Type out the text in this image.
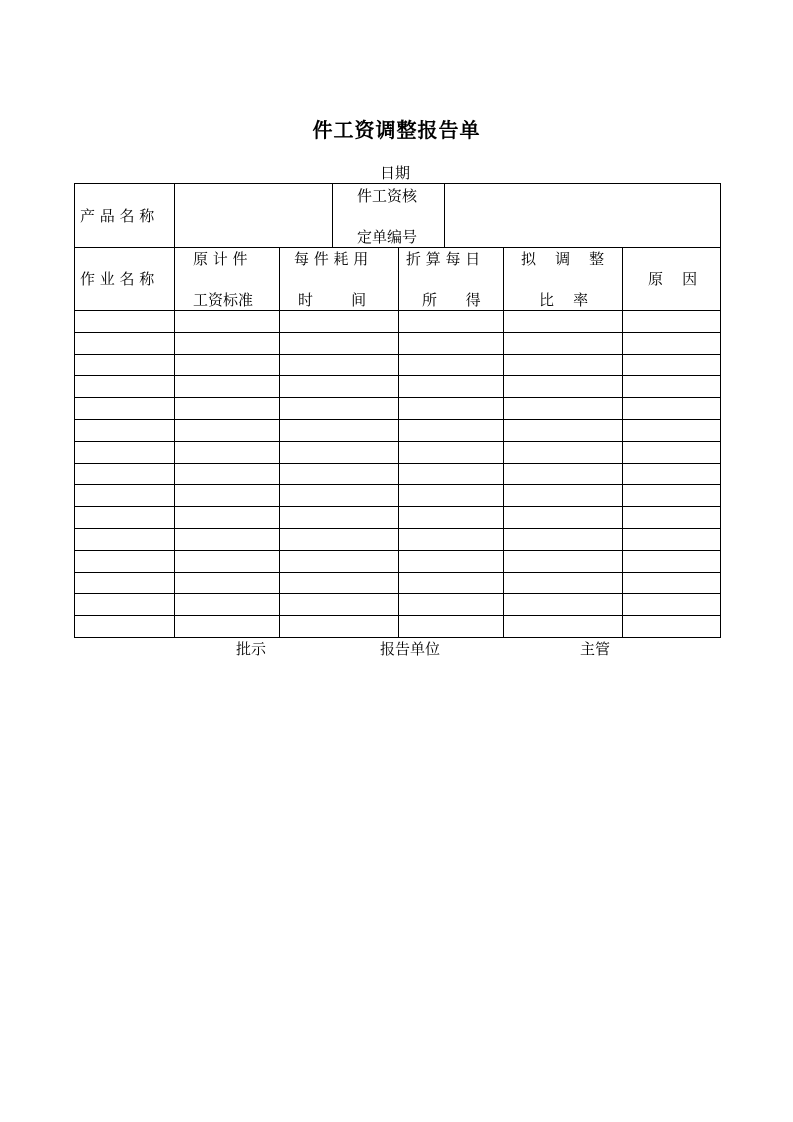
件工资调整报告单
日期
产 品 名 称
件工资核
定单编号
作 业 名 称
原 计 件
工资标准
每 件 耗 用
时        间
折 算 每 日
所      得
拟    调    整
比    率
原    因
批示	报告单位	主管
